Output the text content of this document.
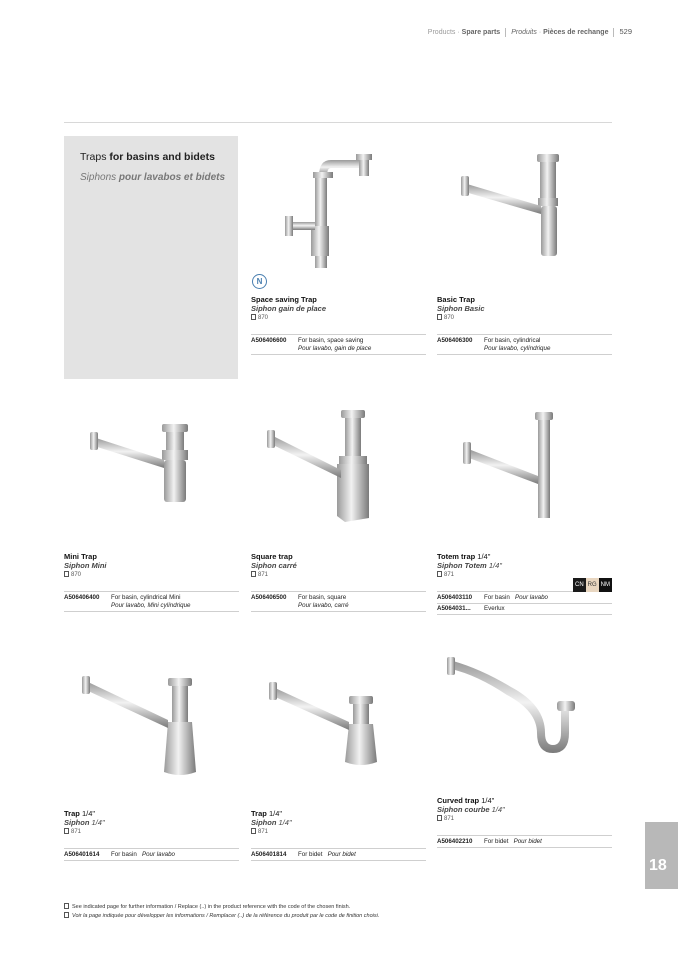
Products · Spare parts Produits · Pièces de rechange 529
Traps for basins and bidets
Siphons pour lavabos et bidets
N
Space saving Trap
Siphon gain de place
870
A506406600	For basin, space saving
Pour lavabo, gain de place
Basic Trap
Siphon Basic
870
A506406300	For basin, cylindrical
Pour lavabo, cylíndrique
Mini Trap
Siphon Mini
870
A506406400	For basin, cylindrical Mini
Pour lavabo, Mini cylíndrique
Square trap
Siphon carré
871
A506406500	For basin, square
Pour lavabo, carré
Totem trap 1/4"
Siphon Totem 1/4"
871
CN RG NM
A506403110	For basin Pour lavabo
A5064031...	Everlux
Trap 1/4"
Siphon 1/4"
871
A506401614	For basin Pour lavabo
Trap 1/4"
Siphon 1/4"
871
A506401814	For bidet Pour bidet
Curved trap 1/4"
Siphon courbe 1/4"
871
A506402210	For bidet Pour bidet
18
See indicated page for further information / Replace (..) in the product reference with the code of the chosen finish.
Voir la page indiquée pour développer les informations / Remplacer (..) de la référence du produit par le code de finition choisi.
